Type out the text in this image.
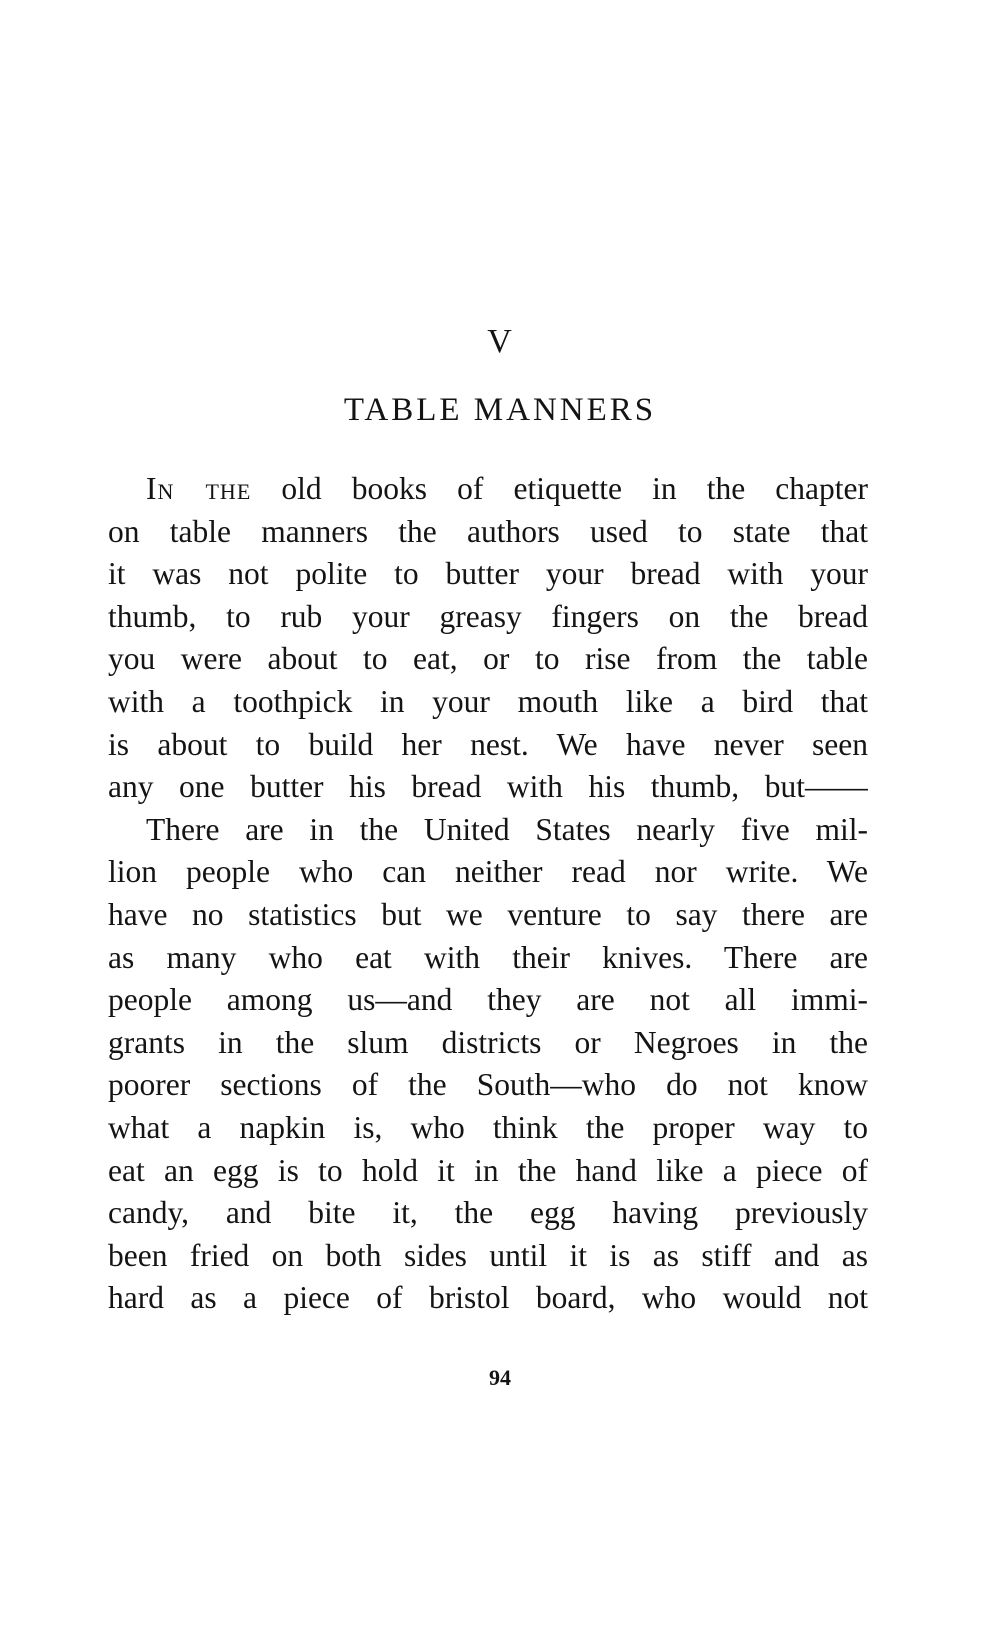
V
TABLE MANNERS
In the old books of etiquette in the chapter
on table manners the authors used to state that
it was not polite to butter your bread with your
thumb, to rub your greasy fingers on the bread
you were about to eat, or to rise from the table
with a toothpick in your mouth like a bird that
is about to build her nest. We have never seen
any one butter his bread with his thumb, but——
There are in the United States nearly five mil-
lion people who can neither read nor write. We
have no statistics but we venture to say there are
as many who eat with their knives. There are
people among us—and they are not all immi-
grants in the slum districts or Negroes in the
poorer sections of the South—who do not know
what a napkin is, who think the proper way to
eat an egg is to hold it in the hand like a piece of
candy, and bite it, the egg having previously
been fried on both sides until it is as stiff and as
hard as a piece of bristol board, who would not
94
